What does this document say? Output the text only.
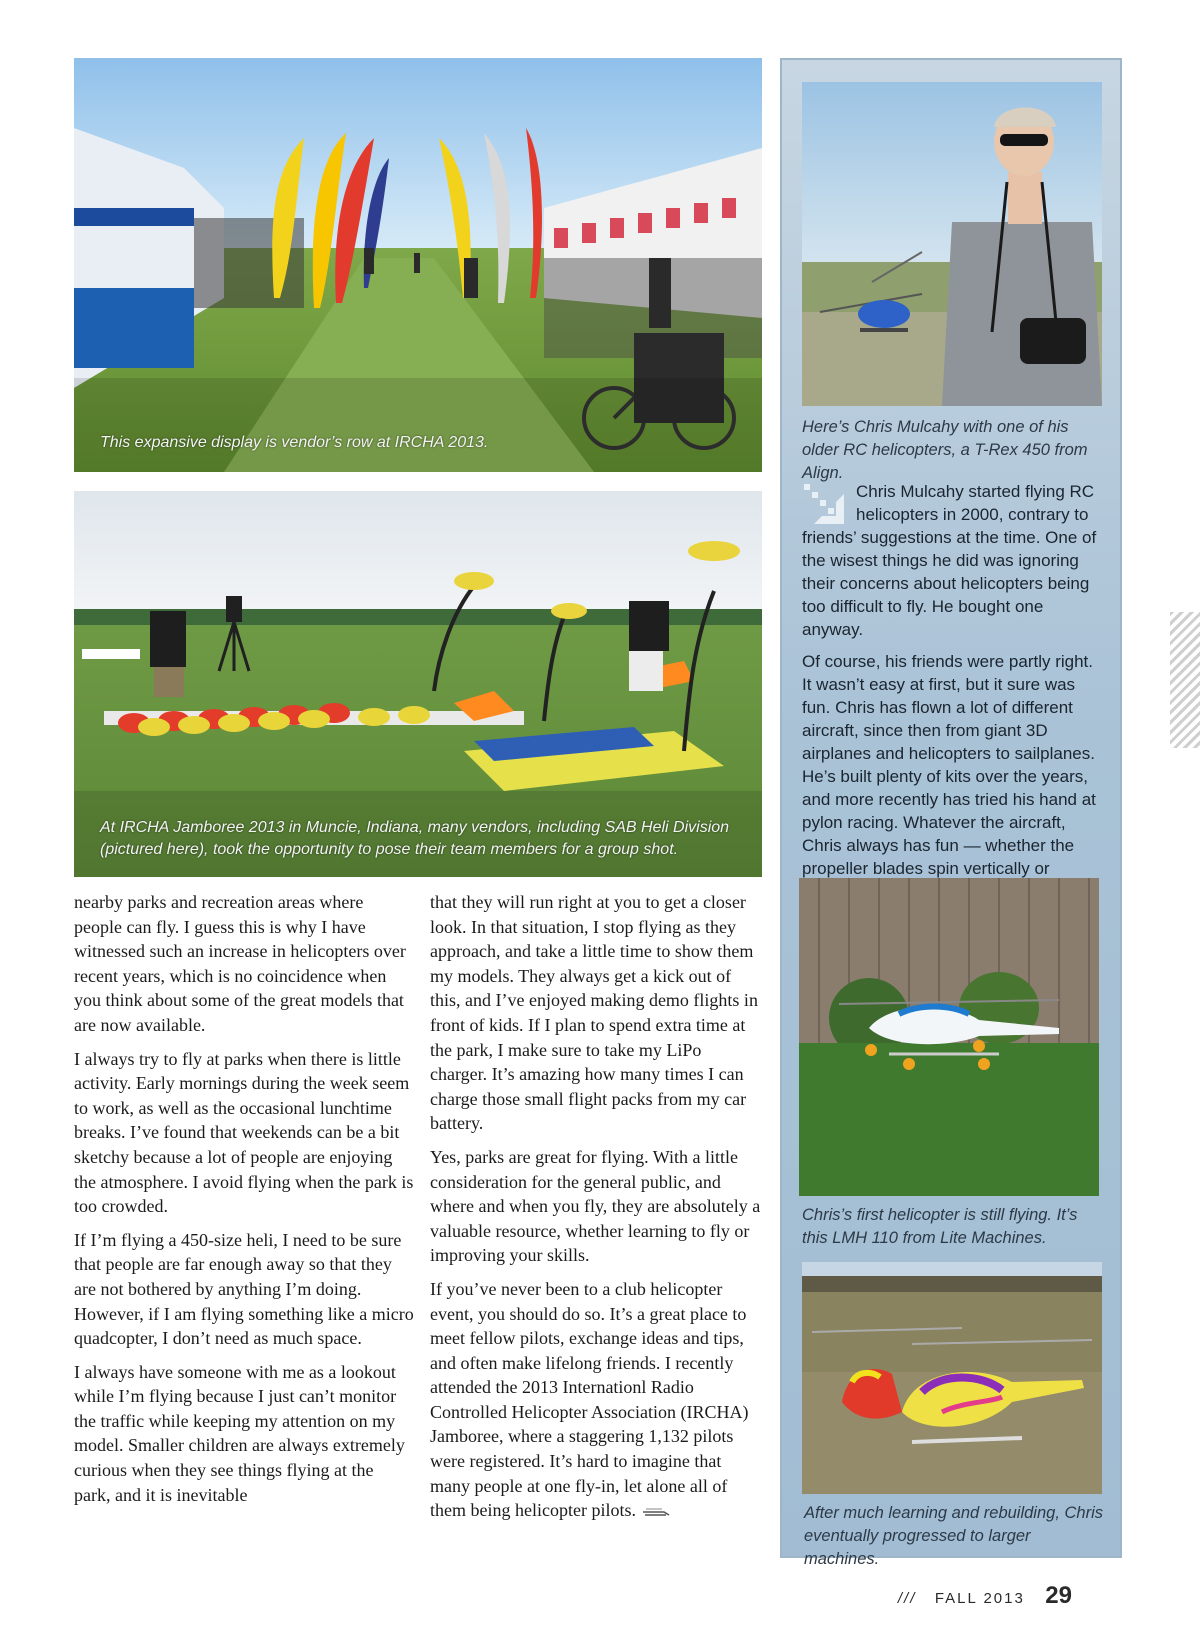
This expansive display is vendor’s row at IRCHA 2013.
At IRCHA Jamboree 2013 in Muncie, Indiana, many vendors, including SAB Heli Division (pictured here), took the opportunity to pose their team members for a group shot.

nearby parks and recreation areas where people can fly. I guess this is why I have witnessed such an increase in helicopters over recent years, which is no coincidence when you think about some of the great models that are now available.

I always try to fly at parks when there is little activity. Early mornings during the week seem to work, as well as the occasional lunchtime breaks. I’ve found that weekends can be a bit sketchy because a lot of people are enjoying the atmosphere. I avoid flying when the park is too crowded.

If I’m flying a 450-size heli, I need to be sure that people are far enough away so that they are not bothered by anything I’m doing. However, if I am flying something like a micro quadcopter, I don’t need as much space.

I always have someone with me as a lookout while I’m flying because I just can’t monitor the traffic while keeping my attention on my model. Smaller children are always extremely curious when they see things flying at the park, and it is inevitable

that they will run right at you to get a closer look. In that situation, I stop flying as they approach, and take a little time to show them my models. They always get a kick out of this, and I’ve enjoyed making demo flights in front of kids. If I plan to spend extra time at the park, I make sure to take my LiPo charger. It’s amazing how many times I can charge those small flight packs from my car battery.

Yes, parks are great for flying. With a little consideration for the general public, and where and when you fly, they are absolutely a valuable resource, whether learning to fly or improving your skills.

If you’ve never been to a club helicopter event, you should do so. It’s a great place to meet fellow pilots, exchange ideas and tips, and often make lifelong friends. I recently attended the 2013 Internationl Radio Controlled Helicopter Association (IRCHA) Jamboree, where a staggering 1,132 pilots were registered. It’s hard to imagine that many people at one fly-in, let alone all of them being helicopter pilots.

Here’s Chris Mulcahy with one of his older RC helicopters, a T-Rex 450 from Align.

Chris Mulcahy started flying RC helicopters in 2000, contrary to friends’ suggestions at the time. One of the wisest things he did was ignoring their concerns about helicopters being too difficult to fly. He bought one anyway.

Of course, his friends were partly right. It wasn’t easy at first, but it sure was fun. Chris has flown a lot of different aircraft, since then from giant 3D airplanes and helicopters to sailplanes. He’s built plenty of kits over the years, and more recently has tried his hand at pylon racing. Whatever the aircraft, Chris always has fun — whether the propeller blades spin vertically or

Chris’s first helicopter is still flying. It’s this LMH 110 from Lite Machines.
After much learning and rebuilding, Chris eventually progressed to larger machines.
/// FALL 2013 29
